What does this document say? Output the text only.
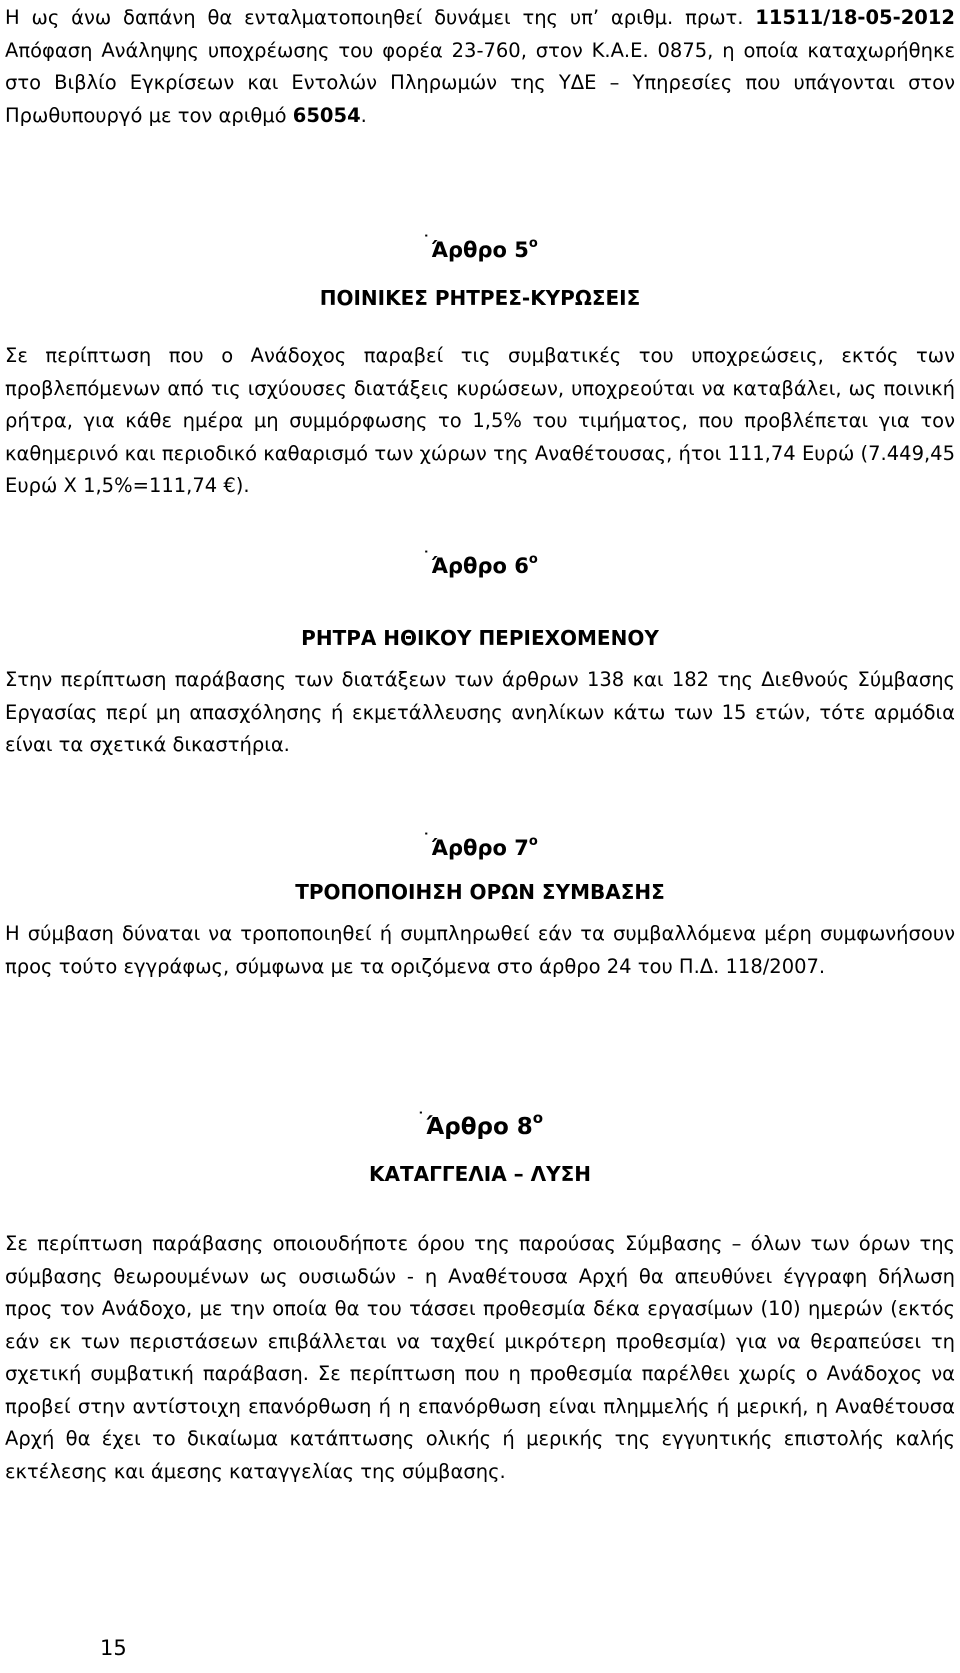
Η ως άνω δαπάνη θα ενταλματοποιηθεί δυνάμει της υπ’ αριθμ. πρωτ. 11511/18-05-2012 Απόφαση Ανάληψης υποχρέωσης του φορέα 23-760, στον Κ.Α.Ε. 0875, η οποία καταχωρήθηκε στο Βιβλίο Εγκρίσεων και Εντολών Πληρωμών της ΥΔΕ – Υπηρεσίες που υπάγονται στον Πρωθυπουργό με τον αριθμό 65054.

˙Άρθρο $5^o$
ΠΟΙΝΙΚΕΣ ΡΗΤΡΕΣ-ΚΥΡΩΣΕΙΣ

Σε περίπτωση που ο Ανάδοχος παραβεί τις συμβατικές του υποχρεώσεις, εκτός των προβλεπόμενων από τις ισχύουσες διατάξεις κυρώσεων, υποχρεούται να καταβάλει, ως ποινική ρήτρα, για κάθε ημέρα μη συμμόρφωσης το 1,5% του τιμήματος, που προβλέπεται για τον καθημερινό και περιοδικό καθαρισμό των χώρων της Αναθέτουσας, ήτοι 111,74 Ευρώ (7.449,45 Ευρώ Χ 1,5%=111,74 €).

˙Άρθρο $6^o$
ΡΗΤΡΑ ΗΘΙΚΟΥ ΠΕΡΙΕΧΟΜΕΝΟΥ

Στην περίπτωση παράβασης των διατάξεων των άρθρων 138 και 182 της Διεθνούς Σύμβασης Εργασίας περί μη απασχόλησης ή εκμετάλλευσης ανηλίκων κάτω των 15 ετών, τότε αρμόδια είναι τα σχετικά δικαστήρια.

˙Άρθρο $7^o$
ΤΡΟΠΟΠΟΙΗΣΗ ΟΡΩΝ ΣΥΜΒΑΣΗΣ

Η σύμβαση δύναται να τροποποιηθεί ή συμπληρωθεί εάν τα συμβαλλόμενα μέρη συμφωνήσουν προς τούτο εγγράφως, σύμφωνα με τα οριζόμενα στο άρθρο 24 του Π.Δ. 118/2007.

˙Άρθρο $8^o$
ΚΑΤΑΓΓΕΛΙΑ – ΛΥΣΗ

Σε περίπτωση παράβασης οποιουδήποτε όρου της παρούσας Σύμβασης – όλων των όρων της σύμβασης θεωρουμένων ως ουσιωδών - η Αναθέτουσα Αρχή θα απευθύνει έγγραφη δήλωση προς τον Ανάδοχο, με την οποία θα του τάσσει προθεσμία δέκα εργασίμων (10) ημερών (εκτός εάν εκ των περιστάσεων επιβάλλεται να ταχθεί μικρότερη προθεσμία) για να θεραπεύσει τη σχετική συμβατική παράβαση. Σε περίπτωση που η προθεσμία παρέλθει χωρίς ο Ανάδοχος να προβεί στην αντίστοιχη επανόρθωση ή η επανόρθωση είναι πλημμελής ή μερική, η Αναθέτουσα Αρχή θα έχει το δικαίωμα κατάπτωσης ολικής ή μερικής της εγγυητικής επιστολής καλής εκτέλεσης και άμεσης καταγγελίας της σύμβασης.

15
